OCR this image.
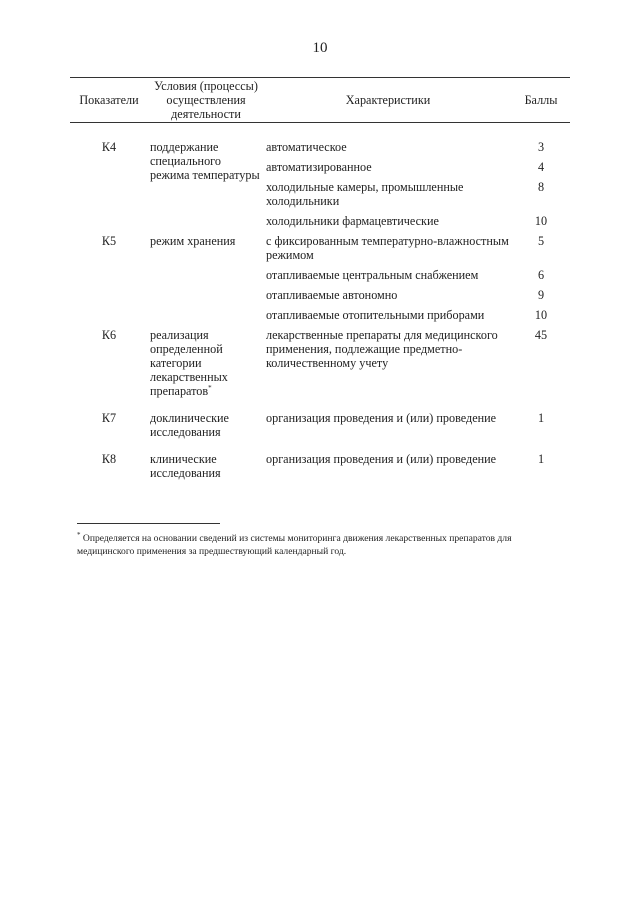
10
Показатели	Условия (процессы) осуществления деятельности	Характеристики	Баллы

К4	поддержание специального режима температуры	автоматическое	3
		автоматизированное	4
		холодильные камеры, промышленные холодильники	8
		холодильники фармацевтические	10
К5	режим хранения	с фиксированным температурно-влажностным режимом	5
		отапливаемые центральным снабжением	6
		отапливаемые автономно	9
		отапливаемые отопительными приборами	10
К6	реализация определенной категории лекарственных препаратов*	лекарственные препараты для медицинского применения, подлежащие предметно-количественному учету	45
К7	доклинические исследования	организация проведения и (или) проведение	1
К8	клинические исследования	организация проведения и (или) проведение	1
* Определяется на основании сведений из системы мониторинга движения лекарственных препаратов для медицинского применения за предшествующий календарный год.
